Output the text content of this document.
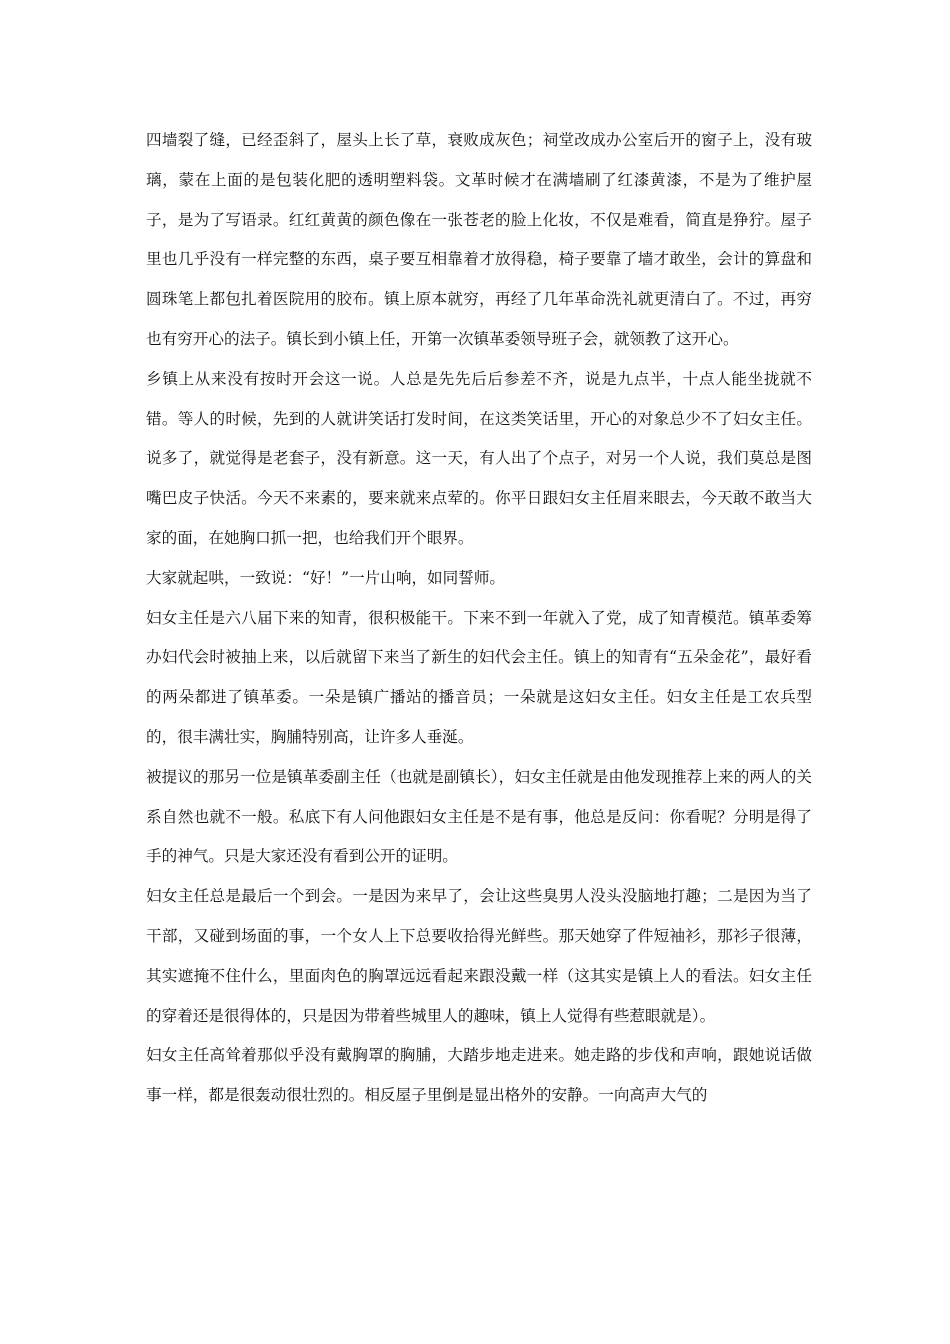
四墙裂了缝，已经歪斜了，屋头上长了草，衰败成灰色；祠堂改成办公室后开的窗子上，没有玻璃，蒙在上面的是包装化肥的透明塑料袋。文革时候才在满墙刷了红漆黄漆，不是为了维护屋子，是为了写语录。红红黄黄的颜色像在一张苍老的脸上化妆，不仅是难看，简直是狰狞。屋子里也几乎没有一样完整的东西，桌子要互相靠着才放得稳，椅子要靠了墙才敢坐，会计的算盘和圆珠笔上都包扎着医院用的胶布。镇上原本就穷，再经了几年革命洗礼就更清白了。不过，再穷也有穷开心的法子。镇长到小镇上任，开第一次镇革委领导班子会，就领教了这开心。

乡镇上从来没有按时开会这一说。人总是先先后后参差不齐，说是九点半，十点人能坐拢就不错。等人的时候，先到的人就讲笑话打发时间，在这类笑话里，开心的对象总少不了妇女主任。说多了，就觉得是老套子，没有新意。这一天，有人出了个点子，对另一个人说，我们莫总是图嘴巴皮子快活。今天不来素的，要来就来点荤的。你平日跟妇女主任眉来眼去，今天敢不敢当大家的面，在她胸口抓一把，也给我们开个眼界。

大家就起哄，一致说：“好！”一片山响，如同誓师。

妇女主任是六八届下来的知青，很积极能干。下来不到一年就入了党，成了知青模范。镇革委筹办妇代会时被抽上来，以后就留下来当了新生的妇代会主任。镇上的知青有“五朵金花”，最好看的两朵都进了镇革委。一朵是镇广播站的播音员；一朵就是这妇女主任。妇女主任是工农兵型的，很丰满壮实，胸脯特别高，让许多人垂涎。

被提议的那另一位是镇革委副主任（也就是副镇长），妇女主任就是由他发现推荐上来的两人的关系自然也就不一般。私底下有人问他跟妇女主任是不是有事，他总是反问：你看呢？分明是得了手的神气。只是大家还没有看到公开的证明。

妇女主任总是最后一个到会。一是因为来早了，会让这些臭男人没头没脑地打趣；二是因为当了干部，又碰到场面的事，一个女人上下总要收拾得光鲜些。那天她穿了件短袖衫，那衫子很薄，其实遮掩不住什么，里面肉色的胸罩远远看起来跟没戴一样（这其实是镇上人的看法。妇女主任的穿着还是很得体的，只是因为带着些城里人的趣味，镇上人觉得有些惹眼就是）。

妇女主任高耸着那似乎没有戴胸罩的胸脯，大踏步地走进来。她走路的步伐和声响，跟她说话做事一样，都是很轰动很壮烈的。相反屋子里倒是显出格外的安静。一向高声大气的
